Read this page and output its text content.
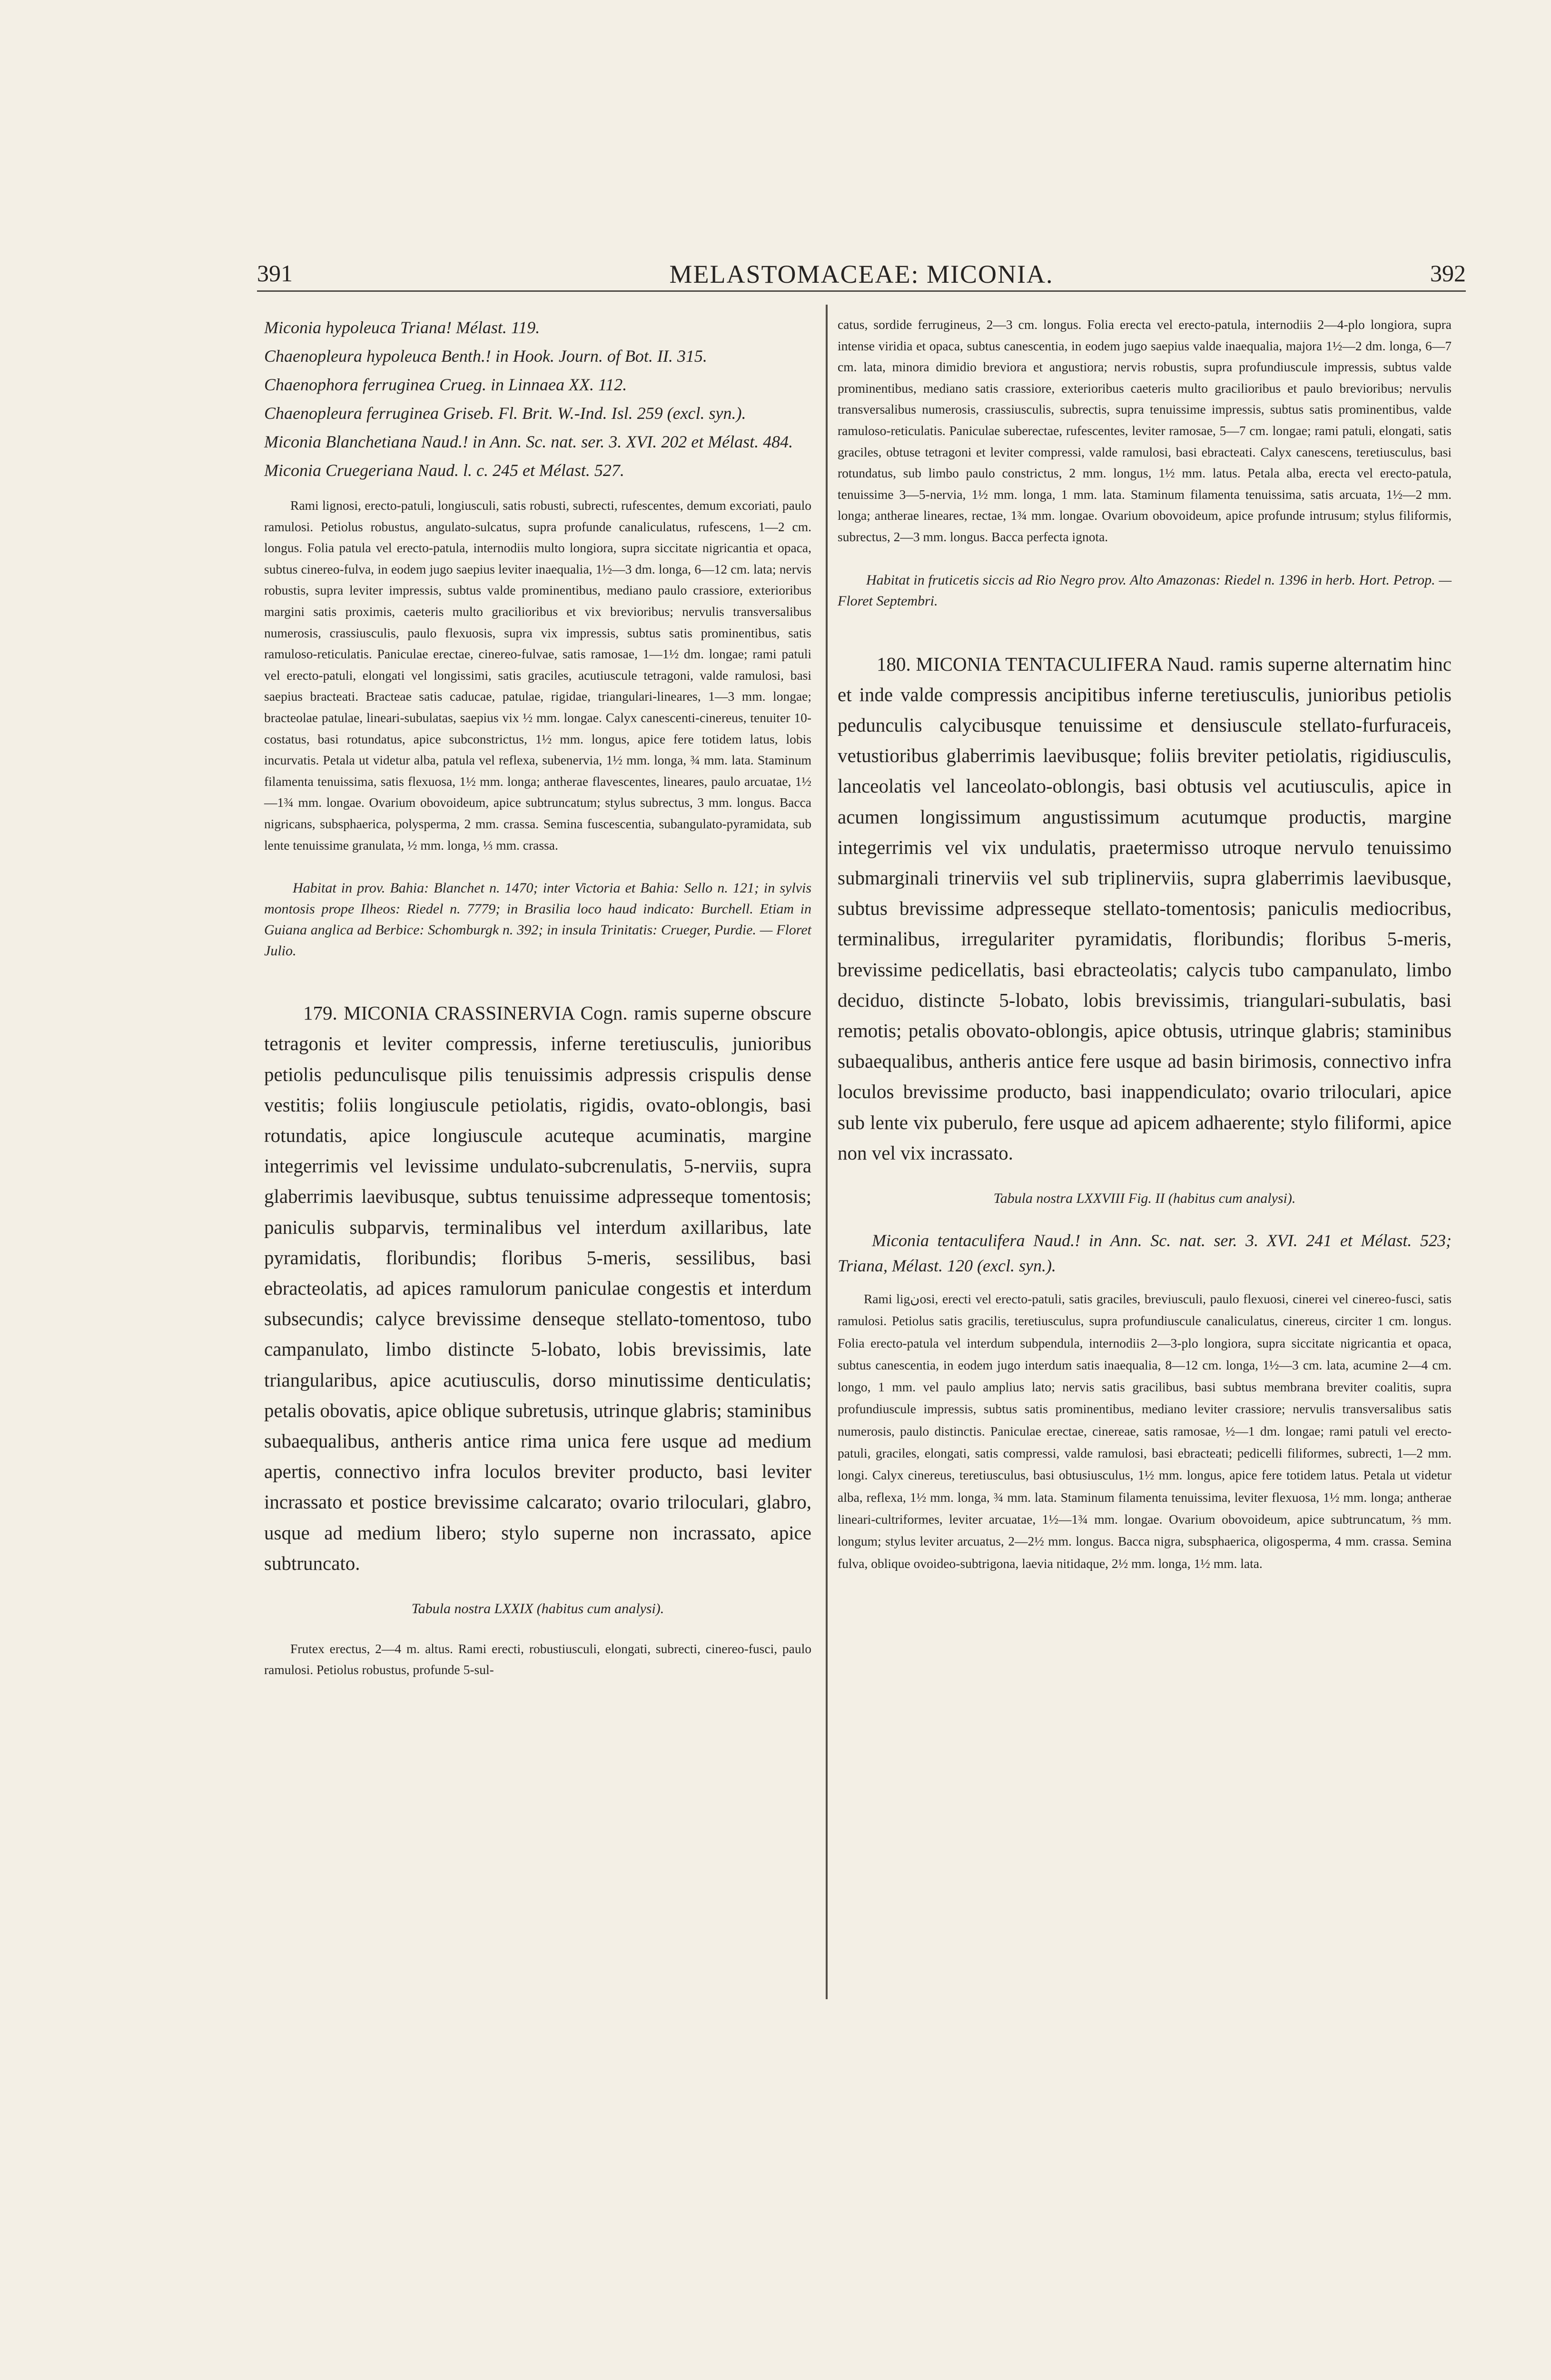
391	MELASTOMACEAE: MICONIA.	392

Miconia hypoleuca Triana! Mélast. 119.

Chaenopleura hypoleuca Benth.! in Hook. Journ. of Bot. II. 315.

Chaenophora ferruginea Crueg. in Linnaea XX. 112.

Chaenopleura ferruginea Griseb. Fl. Brit. W.-Ind. Isl. 259 (excl. syn.).

Miconia Blanchetiana Naud.! in Ann. Sc. nat. ser. 3. XVI. 202 et Mélast. 484.

Miconia Cruegeriana Naud. l. c. 245 et Mélast. 527.

Rami lignosi, erecto-patuli, longiusculi, satis robusti, subrecti, rufescentes, demum excoriati, paulo ramulosi. Petiolus robustus, angulato-sulcatus, supra profunde canaliculatus, rufescens, 1—2 cm. longus. Folia patula vel erecto-patula, internodiis multo longiora, supra siccitate nigricantia et opaca, subtus cinereo-fulva, in eodem jugo saepius leviter inaequalia, 1½—3 dm. longa, 6—12 cm. lata; nervis robustis, supra leviter impressis, subtus valde prominentibus, mediano paulo crassiore, exterioribus margini satis proximis, caeteris multo gracilioribus et vix brevioribus; nervulis transversalibus numerosis, crassiusculis, paulo flexuosis, supra vix impressis, subtus satis prominentibus, satis ramuloso-reticulatis. Paniculae erectae, cinereo-fulvae, satis ramosae, 1—1½ dm. longae; rami patuli vel erecto-patuli, elongati vel longissimi, satis graciles, acutiuscule tetragoni, valde ramulosi, basi saepius bracteati. Bracteae satis caducae, patulae, rigidae, triangulari-lineares, 1—3 mm. longae; bracteolae patulae, lineari-subulatas, saepius vix ½ mm. longae. Calyx canescenti-cinereus, tenuiter 10-costatus, basi rotundatus, apice subconstrictus, 1½ mm. longus, apice fere totidem latus, lobis incurvatis. Petala ut videtur alba, patula vel reflexa, subenervia, 1½ mm. longa, ¾ mm. lata. Staminum filamenta tenuissima, satis flexuosa, 1½ mm. longa; antherae flavescentes, lineares, paulo arcuatae, 1½—1¾ mm. longae. Ovarium obovoideum, apice subtruncatum; stylus subrectus, 3 mm. longus. Bacca nigricans, subsphaerica, polysperma, 2 mm. crassa. Semina fuscescentia, subangulato-pyramidata, sub lente tenuissime granulata, ½ mm. longa, ⅓ mm. crassa.

Habitat in prov. Bahia: Blanchet n. 1470; inter Victoria et Bahia: Sello n. 121; in sylvis montosis prope Ilheos: Riedel n. 7779; in Brasilia loco haud indicato: Burchell. Etiam in Guiana anglica ad Berbice: Schomburgk n. 392; in insula Trinitatis: Crueger, Purdie. — Floret Julio.

179. MICONIA CRASSINERVIA Cogn. ramis superne obscure tetragonis et leviter compressis, inferne teretiusculis, junioribus petiolis pedunculisque pilis tenuissimis adpressis crispulis dense vestitis; foliis longiuscule petiolatis, rigidis, ovato-oblongis, basi rotundatis, apice longiuscule acuteque acuminatis, margine integerrimis vel levissime undulato-subcrenulatis, 5-nerviis, supra glaberrimis laevibusque, subtus tenuissime adpresseque tomentosis; paniculis subparvis, terminalibus vel interdum axillaribus, late pyramidatis, floribundis; floribus 5-meris, sessilibus, basi ebracteolatis, ad apices ramulorum paniculae congestis et interdum subsecundis; calyce brevissime denseque stellato-tomentoso, tubo campanulato, limbo distincte 5-lobato, lobis brevissimis, late triangularibus, apice acutiusculis, dorso minutissime denticulatis; petalis obovatis, apice oblique subretusis, utrinque glabris; staminibus subaequalibus, antheris antice rima unica fere usque ad medium apertis, connectivo infra loculos breviter producto, basi leviter incrassato et postice brevissime calcarato; ovario triloculari, glabro, usque ad medium libero; stylo superne non incrassato, apice subtruncato.

Tabula nostra LXXIX (habitus cum analysi).

Frutex erectus, 2—4 m. altus. Rami erecti, robustiusculi, elongati, subrecti, cinereo-fusci, paulo ramulosi. Petiolus robustus, profunde 5-sul-

catus, sordide ferrugineus, 2—3 cm. longus. Folia erecta vel erecto-patula, internodiis 2—4-plo longiora, supra intense viridia et opaca, subtus canescentia, in eodem jugo saepius valde inaequalia, majora 1½—2 dm. longa, 6—7 cm. lata, minora dimidio breviora et angustiora; nervis robustis, supra profundiuscule impressis, subtus valde prominentibus, mediano satis crassiore, exterioribus caeteris multo gracilioribus et paulo brevioribus; nervulis transversalibus numerosis, crassiusculis, subrectis, supra tenuissime impressis, subtus satis prominentibus, valde ramuloso-reticulatis. Paniculae suberectae, rufescentes, leviter ramosae, 5—7 cm. longae; rami patuli, elongati, satis graciles, obtuse tetragoni et leviter compressi, valde ramulosi, basi ebracteati. Calyx canescens, teretiusculus, basi rotundatus, sub limbo paulo constrictus, 2 mm. longus, 1½ mm. latus. Petala alba, erecta vel erecto-patula, tenuissime 3—5-nervia, 1½ mm. longa, 1 mm. lata. Staminum filamenta tenuissima, satis arcuata, 1½—2 mm. longa; antherae lineares, rectae, 1¾ mm. longae. Ovarium obovoideum, apice profunde intrusum; stylus filiformis, subrectus, 2—3 mm. longus. Bacca perfecta ignota.

Habitat in fruticetis siccis ad Rio Negro prov. Alto Amazonas: Riedel n. 1396 in herb. Hort. Petrop. — Floret Septembri.

180. MICONIA TENTACULIFERA Naud. ramis superne alternatim hinc et inde valde compressis ancipitibus inferne teretiusculis, junioribus petiolis pedunculis calycibusque tenuissime et densiuscule stellato-furfuraceis, vetustioribus glaberrimis laevibusque; foliis breviter petiolatis, rigidiusculis, lanceolatis vel lanceolato-oblongis, basi obtusis vel acutiusculis, apice in acumen longissimum angustissimum acutumque productis, margine integerrimis vel vix undulatis, praetermisso utroque nervulo tenuissimo submarginali trinerviis vel sub triplinerviis, supra glaberrimis laevibusque, subtus brevissime adpresseque stellato-tomentosis; paniculis mediocribus, terminalibus, irregulariter pyramidatis, floribundis; floribus 5-meris, brevissime pedicellatis, basi ebracteolatis; calycis tubo campanulato, limbo deciduo, distincte 5-lobato, lobis brevissimis, triangulari-subulatis, basi remotis; petalis obovato-oblongis, apice obtusis, utrinque glabris; staminibus subaequalibus, antheris antice fere usque ad basin birimosis, connectivo infra loculos brevissime producto, basi inappendiculato; ovario triloculari, apice sub lente vix puberulo, fere usque ad apicem adhaerente; stylo filiformi, apice non vel vix incrassato.

Tabula nostra LXXVIII Fig. II (habitus cum analysi).

Miconia tentaculifera Naud.! in Ann. Sc. nat. ser. 3. XVI. 241 et Mélast. 523; Triana, Mélast. 120 (excl. syn.).

Rami ligنosi, erecti vel erecto-patuli, satis graciles, breviusculi, paulo flexuosi, cinerei vel cinereo-fusci, satis ramulosi. Petiolus satis gracilis, teretiusculus, supra profundiuscule canaliculatus, cinereus, circiter 1 cm. longus. Folia erecto-patula vel interdum subpendula, internodiis 2—3-plo longiora, supra siccitate nigricantia et opaca, subtus canescentia, in eodem jugo interdum satis inaequalia, 8—12 cm. longa, 1½—3 cm. lata, acumine 2—4 cm. longo, 1 mm. vel paulo amplius lato; nervis satis gracilibus, basi subtus membrana breviter coalitis, supra profundiuscule impressis, subtus satis prominentibus, mediano leviter crassiore; nervulis transversalibus satis numerosis, paulo distinctis. Paniculae erectae, cinereae, satis ramosae, ½—1 dm. longae; rami patuli vel erecto-patuli, graciles, elongati, satis compressi, valde ramulosi, basi ebracteati; pedicelli filiformes, subrecti, 1—2 mm. longi. Calyx cinereus, teretiusculus, basi obtusiusculus, 1½ mm. longus, apice fere totidem latus. Petala ut videtur alba, reflexa, 1½ mm. longa, ¾ mm. lata. Staminum filamenta tenuissima, leviter flexuosa, 1½ mm. longa; antherae lineari-cultriformes, leviter arcuatae, 1½—1¾ mm. longae. Ovarium obovoideum, apice subtruncatum, ⅔ mm. longum; stylus leviter arcuatus, 2—2½ mm. longus. Bacca nigra, subsphaerica, oligosperma, 4 mm. crassa. Semina fulva, oblique ovoideo-subtrigona, laevia nitidaque, 2½ mm. longa, 1½ mm. lata.
